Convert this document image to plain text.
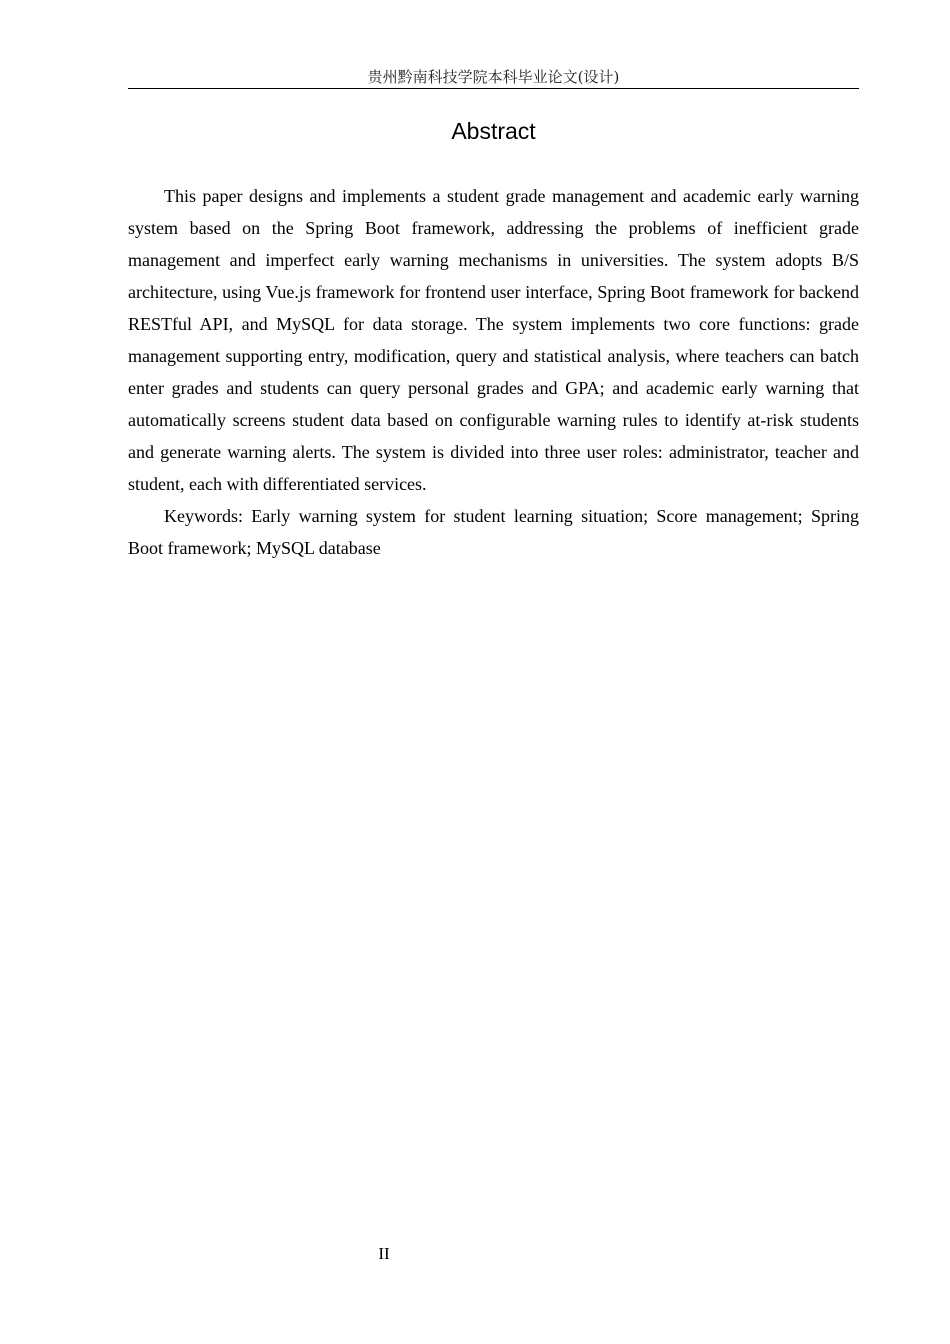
贵州黔南科技学院本科毕业论文(设计)
Abstract

This paper designs and implements a student grade management and academic early warning system based on the Spring Boot framework, addressing the problems of inefficient grade management and imperfect early warning mechanisms in universities. The system adopts B/S architecture, using Vue.js framework for frontend user interface, Spring Boot framework for backend RESTful API, and MySQL for data storage. The system implements two core functions: grade management supporting entry, modification, query and statistical analysis, where teachers can batch enter grades and students can query personal grades and GPA; and academic early warning that automatically screens student data based on configurable warning rules to identify at-risk students and generate warning alerts. The system is divided into three user roles: administrator, teacher and student, each with differentiated services.

Keywords: Early warning system for student learning situation; Score management; Spring Boot framework; MySQL database

II
